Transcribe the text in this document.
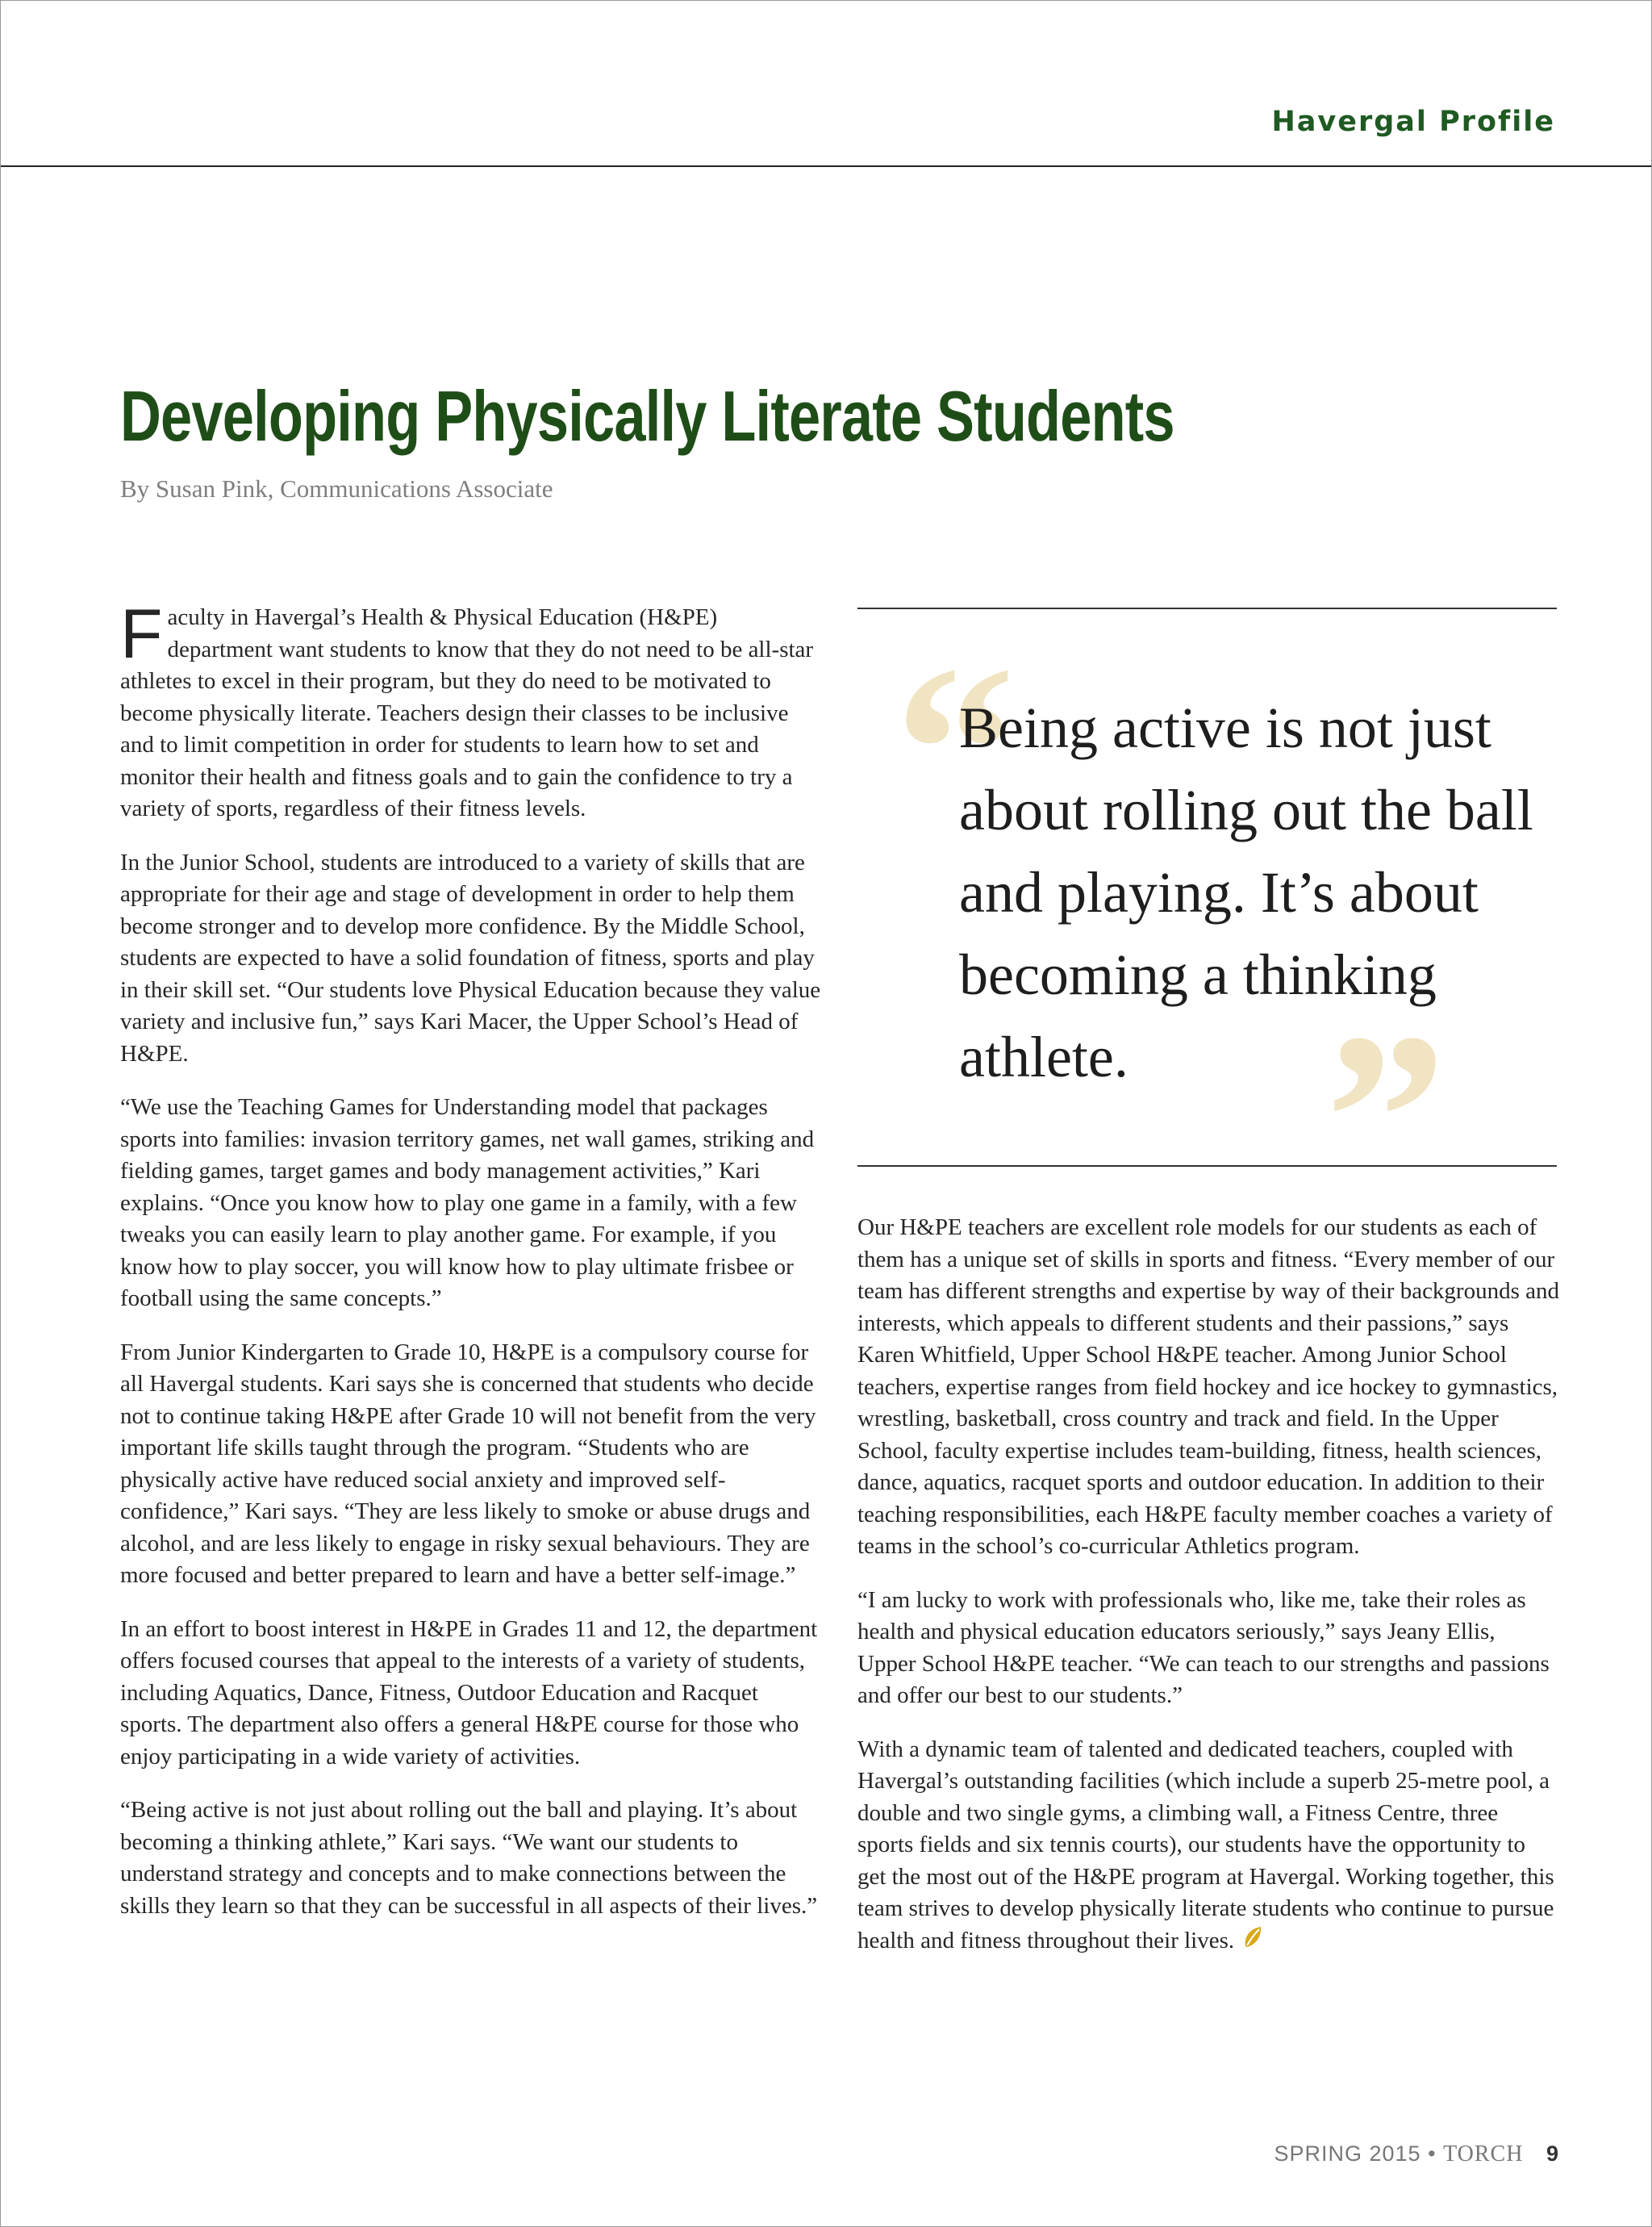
Havergal Profile
Developing Physically Literate Students
By Susan Pink, Communications Associate

Faculty in Havergal’s Health & Physical Education (H&PE) department want students to know that they do not need to be all-star athletes to excel in their program, but they do need to be motivated to become physically literate. Teachers design their classes to be inclusive and to limit competition in order for students to learn how to set and monitor their health and fitness goals and to gain the confidence to try a variety of sports, regardless of their fitness levels.

In the Junior School, students are introduced to a variety of skills that are appropriate for their age and stage of development in order to help them become stronger and to develop more confidence. By the Middle School, students are expected to have a solid foundation of fitness, sports and play in their skill set. “Our students love Physical Education because they value variety and inclusive fun,” says Kari Macer, the Upper School’s Head of H&PE.

“We use the Teaching Games for Understanding model that packages sports into families: invasion territory games, net wall games, striking and fielding games, target games and body management activities,” Kari explains. “Once you know how to play one game in a family, with a few tweaks you can easily learn to play another game. For example, if you know how to play soccer, you will know how to play ultimate frisbee or football using the same concepts.”

From Junior Kindergarten to Grade 10, H&PE is a compulsory course for all Havergal students. Kari says she is concerned that students who decide not to continue taking H&PE after Grade 10 will not benefit from the very important life skills taught through the program. “Students who are physically active have reduced social anxiety and improved self-confidence,” Kari says. “They are less likely to smoke or abuse drugs and alcohol, and are less likely to engage in risky sexual behaviours. They are more focused and better prepared to learn and have a better self-image.”

In an effort to boost interest in H&PE in Grades 11 and 12, the department offers focused courses that appeal to the interests of a variety of students, including Aquatics, Dance, Fitness, Outdoor Education and Racquet sports. The department also offers a general H&PE course for those who enjoy participating in a wide variety of activities.

“Being active is not just about rolling out the ball and playing. It’s about becoming a thinking athlete,” Kari says. “We want our students to understand strategy and concepts and to make connections between the skills they learn so that they can be successful in all aspects of their lives.”

“

Being active is not just about rolling out the ball and playing. It’s about becoming a thinking athlete. ”

Our H&PE teachers are excellent role models for our students as each of them has a unique set of skills in sports and fitness. “Every member of our team has different strengths and expertise by way of their backgrounds and interests, which appeals to different students and their passions,” says Karen Whitfield, Upper School H&PE teacher. Among Junior School teachers, expertise ranges from field hockey and ice hockey to gymnastics, wrestling, basketball, cross country and track and field. In the Upper School, faculty expertise includes team-building, fitness, health sciences, dance, aquatics, racquet sports and outdoor education. In addition to their teaching responsibilities, each H&PE faculty member coaches a variety of teams in the school’s co-curricular Athletics program.

“I am lucky to work with professionals who, like me, take their roles as health and physical education educators seriously,” says Jeany Ellis, Upper School H&PE teacher. “We can teach to our strengths and passions and offer our best to our students.”

With a dynamic team of talented and dedicated teachers, coupled with Havergal’s outstanding facilities (which include a superb 25-metre pool, a double and two single gyms, a climbing wall, a Fitness Centre, three sports fields and six tennis courts), our students have the opportunity to get the most out of the H&PE program at Havergal. Working together, this team strives to develop physically literate students who continue to pursue health and fitness throughout their lives.

SPRING 2015 • TORCH 9
